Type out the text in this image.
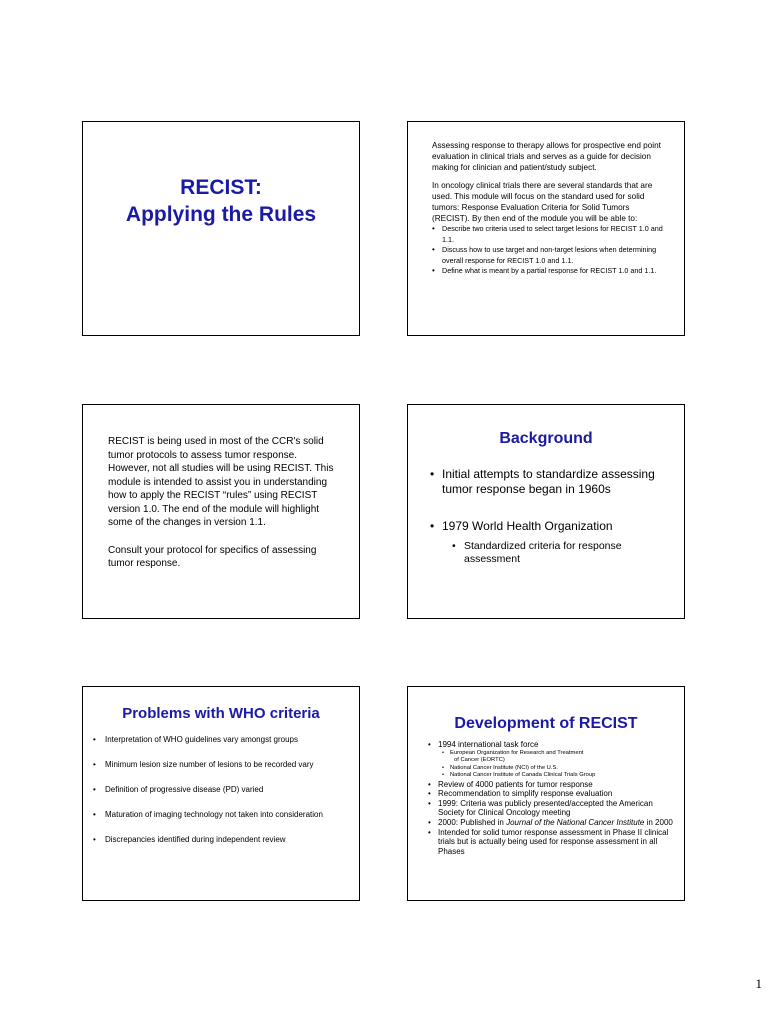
RECIST:
Applying the Rules

Assessing response to therapy allows for prospective end point evaluation in clinical trials and serves as a guide for decision making for clinician and patient/study subject.

In oncology clinical trials there are several standards that are used. This module will focus on the standard used for solid tumors: Response Evaluation Criteria for Solid Tumors (RECIST). By then end of the module you will be able to:

• Describe two criteria used to select target lesions for RECIST 1.0 and 1.1.
• Discuss how to use target and non-target lesions when determining overall response for RECIST 1.0 and 1.1.
• Define what is meant by a partial response for RECIST 1.0 and 1.1.

RECIST is being used in most of the CCR's solid tumor protocols to assess tumor response. However, not all studies will be using RECIST. This module is intended to assist you in understanding how to apply the RECIST “rules” using RECIST version 1.0. The end of the module will highlight some of the changes in version 1.1.

Consult your protocol for specifics of assessing tumor response.

Background
• Initial attempts to standardize assessing tumor response began in 1960s
• 1979 World Health Organization
• Standardized criteria for response assessment
Problems with WHO criteria
• Interpretation of WHO guidelines vary amongst groups
• Minimum lesion size number of lesions to be recorded vary
• Definition of progressive disease (PD) varied
• Maturation of imaging technology not taken into consideration
• Discrepancies identified during independent review
Development of RECIST
• 1994 international task force
• European Organization for Research and Treatment
of Cancer (EORTC)
• National Cancer Institute (NCI) of the U.S.
• National Cancer Institute of Canada Clinical Trials Group
• Review of 4000 patients for tumor response
• Recommendation to simplify response evaluation
• 1999: Criteria was publicly presented/accepted the American Society for Clinical Oncology meeting
• 2000: Published in Journal of the National Cancer Institute in 2000
• Intended for solid tumor response assessment in Phase II clinical trials but is actually being used for response assessment in all Phases
1
